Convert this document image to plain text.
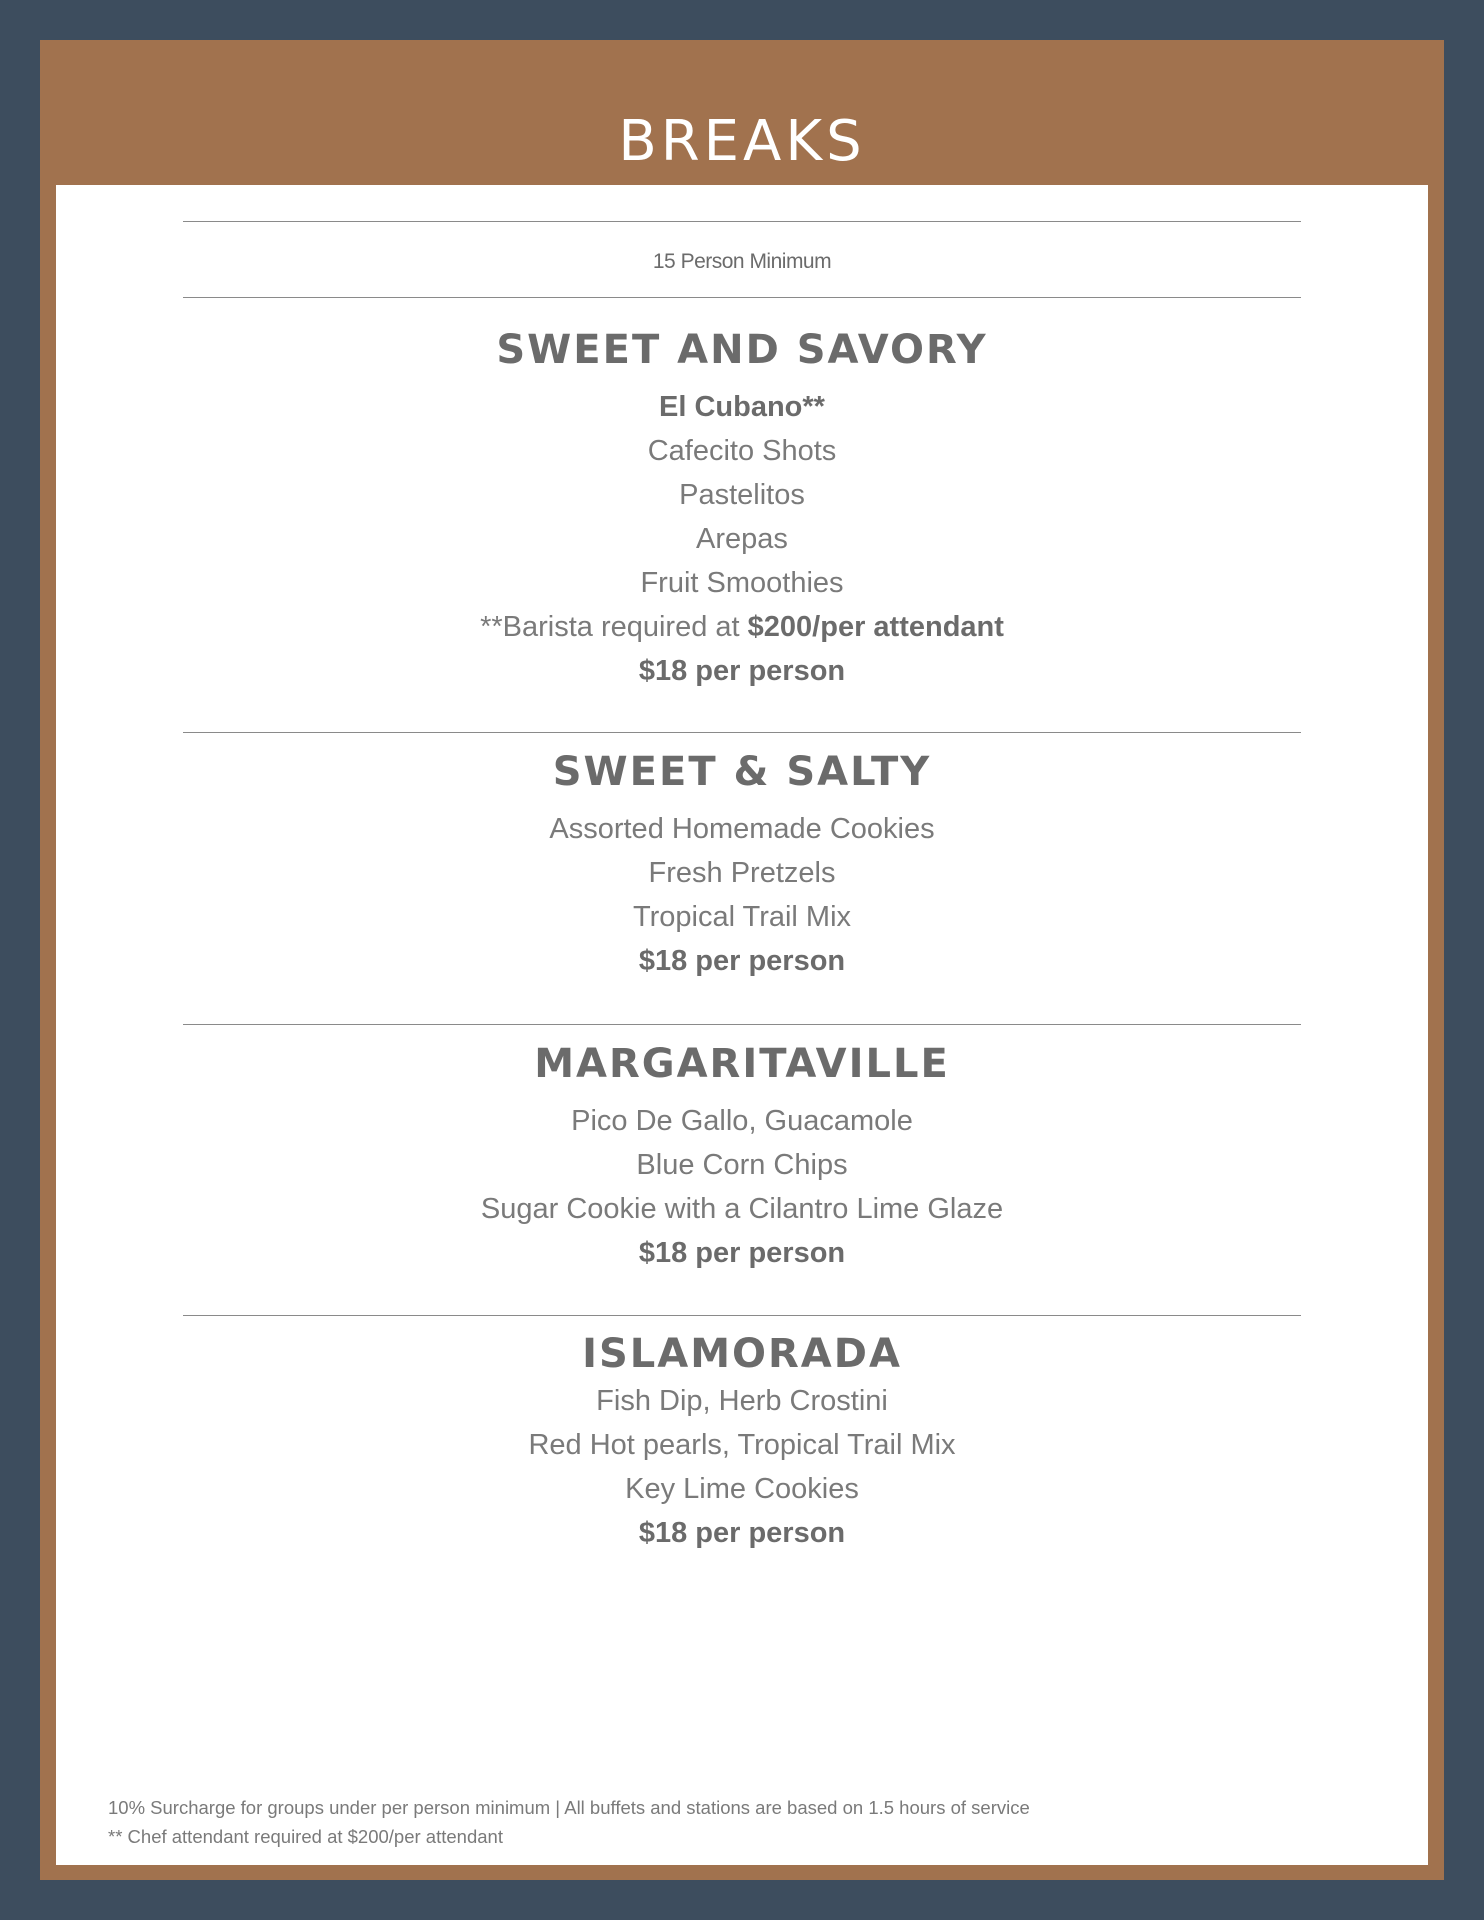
BREAKS
15 Person Minimum
SWEET AND SAVORY
El Cubano**
Cafecito Shots
Pastelitos
Arepas
Fruit Smoothies
**Barista required at $200/per attendant
$18 per person
SWEET & SALTY
Assorted Homemade Cookies
Fresh Pretzels
Tropical Trail Mix
$18 per person
MARGARITAVILLE
Pico De Gallo, Guacamole
Blue Corn Chips
Sugar Cookie with a Cilantro Lime Glaze
$18 per person
ISLAMORADA
Fish Dip, Herb Crostini
Red Hot pearls, Tropical Trail Mix
Key Lime Cookies
$18 per person
10% Surcharge for groups under per person minimum | All buffets and stations are based on 1.5 hours of service
** Chef attendant required at $200/per attendant
